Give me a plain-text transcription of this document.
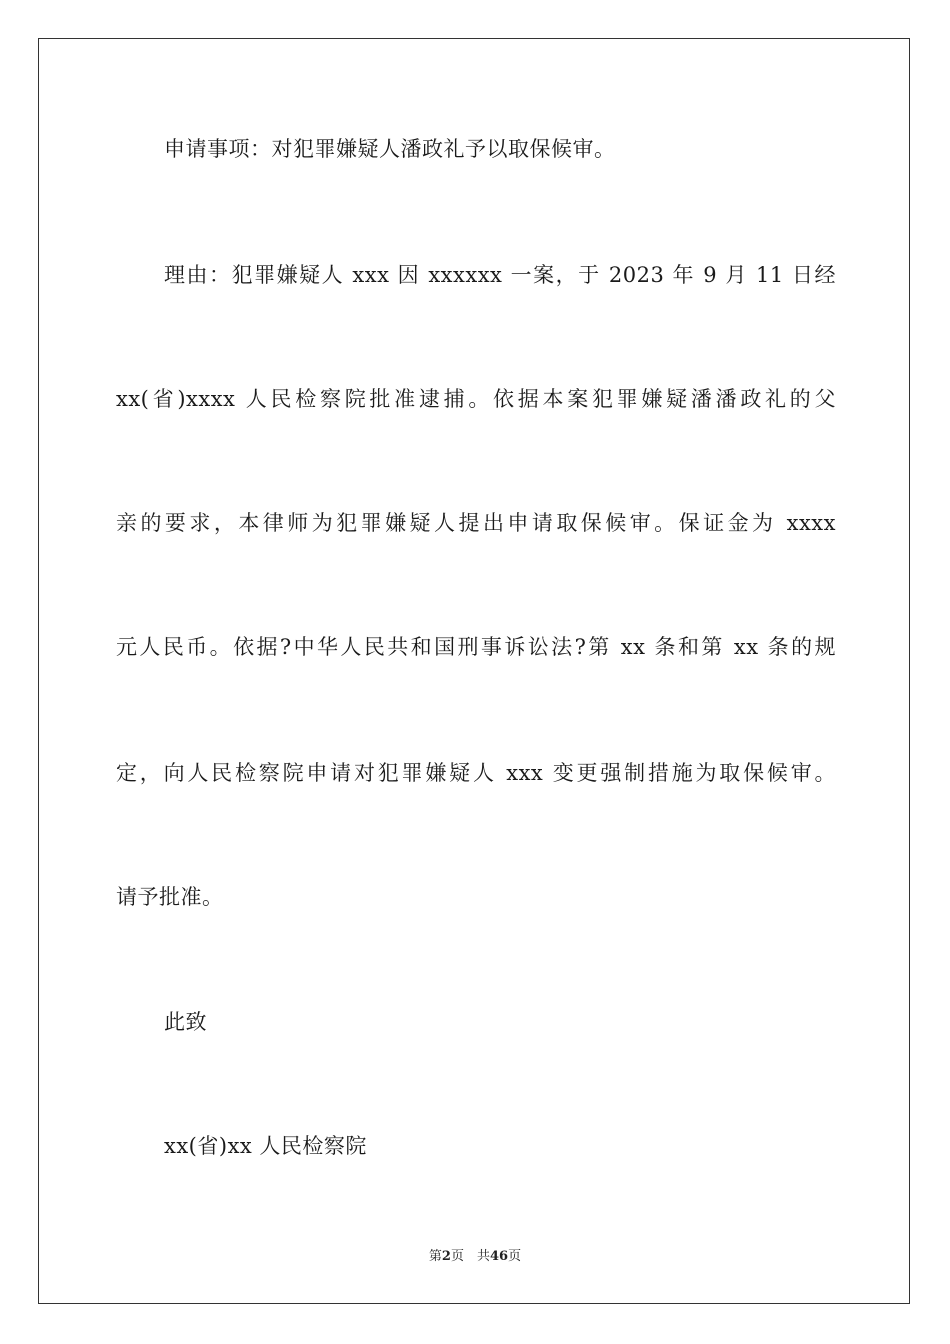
申请事项：对犯罪嫌疑人潘政礼予以取保候审。
理由：犯罪嫌疑人 xxx 因 xxxxxx 一案，于 2023 年 9 月 11 日经
xx(省)xxxx 人民检察院批准逮捕。依据本案犯罪嫌疑潘潘政礼的父
亲的要求，本律师为犯罪嫌疑人提出申请取保候审。保证金为 xxxx
元人民币。依据?中华人民共和国刑事诉讼法?第 xx 条和第 xx 条的规
定，向人民检察院申请对犯罪嫌疑人 xxx 变更强制措施为取保候审。
请予批准。
此致
xx(省)xx 人民检察院
第2页　共46页
